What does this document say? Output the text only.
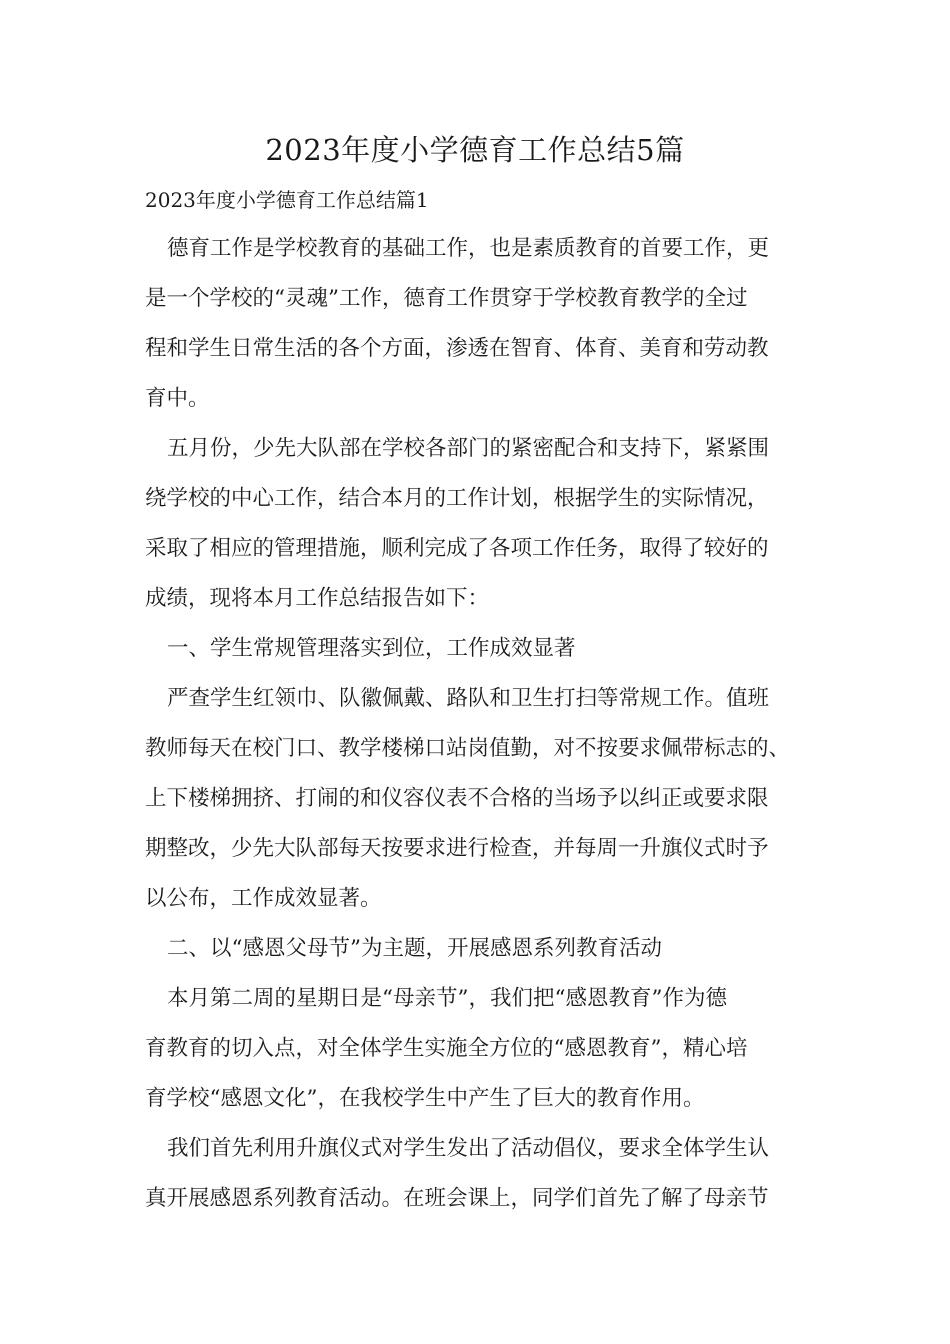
2023年度小学德育工作总结5篇
2023年度小学德育工作总结篇1
德育工作是学校教育的基础工作，也是素质教育的首要工作，更
是一个学校的“灵魂”工作，德育工作贯穿于学校教育教学的全过
程和学生日常生活的各个方面，渗透在智育、体育、美育和劳动教
育中。
五月份，少先大队部在学校各部门的紧密配合和支持下，紧紧围
绕学校的中心工作，结合本月的工作计划，根据学生的实际情况，
采取了相应的管理措施，顺利完成了各项工作任务，取得了较好的
成绩，现将本月工作总结报告如下：
一、学生常规管理落实到位，工作成效显著
严查学生红领巾、队徽佩戴、路队和卫生打扫等常规工作。值班
教师每天在校门口、教学楼梯口站岗值勤，对不按要求佩带标志的、
上下楼梯拥挤、打闹的和仪容仪表不合格的当场予以纠正或要求限
期整改，少先大队部每天按要求进行检查，并每周一升旗仪式时予
以公布，工作成效显著。
二、以“感恩父母节”为主题，开展感恩系列教育活动
本月第二周的星期日是“母亲节”，我们把“感恩教育”作为德
育教育的切入点，对全体学生实施全方位的“感恩教育”，精心培
育学校“感恩文化”，在我校学生中产生了巨大的教育作用。
我们首先利用升旗仪式对学生发出了活动倡仪，要求全体学生认
真开展感恩系列教育活动。在班会课上，同学们首先了解了母亲节
